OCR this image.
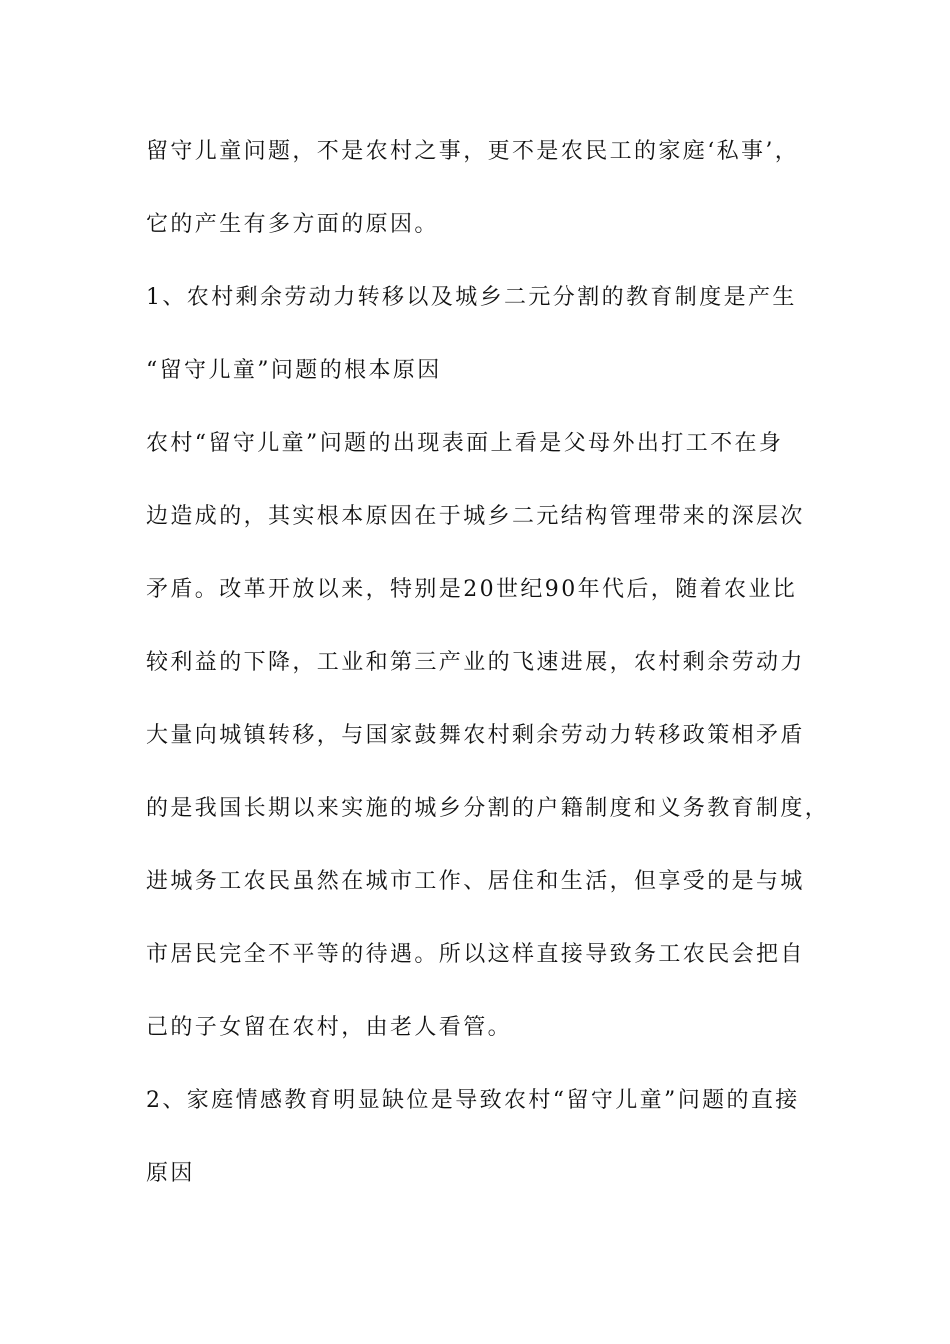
留守儿童问题，不是农村之事，更不是农民工的家庭‘私事’，
它的产生有多方面的原因。
1、农村剩余劳动力转移以及城乡二元分割的教育制度是产生
“留守儿童”问题的根本原因
农村“留守儿童”问题的出现表面上看是父母外出打工不在身
边造成的，其实根本原因在于城乡二元结构管理带来的深层次
矛盾。改革开放以来，特别是20世纪90年代后，随着农业比
较利益的下降，工业和第三产业的飞速进展，农村剩余劳动力
大量向城镇转移，与国家鼓舞农村剩余劳动力转移政策相矛盾
的是我国长期以来实施的城乡分割的户籍制度和义务教育制度，
进城务工农民虽然在城市工作、居住和生活，但享受的是与城
市居民完全不平等的待遇。所以这样直接导致务工农民会把自
己的子女留在农村，由老人看管。
2、家庭情感教育明显缺位是导致农村“留守儿童”问题的直接
原因
